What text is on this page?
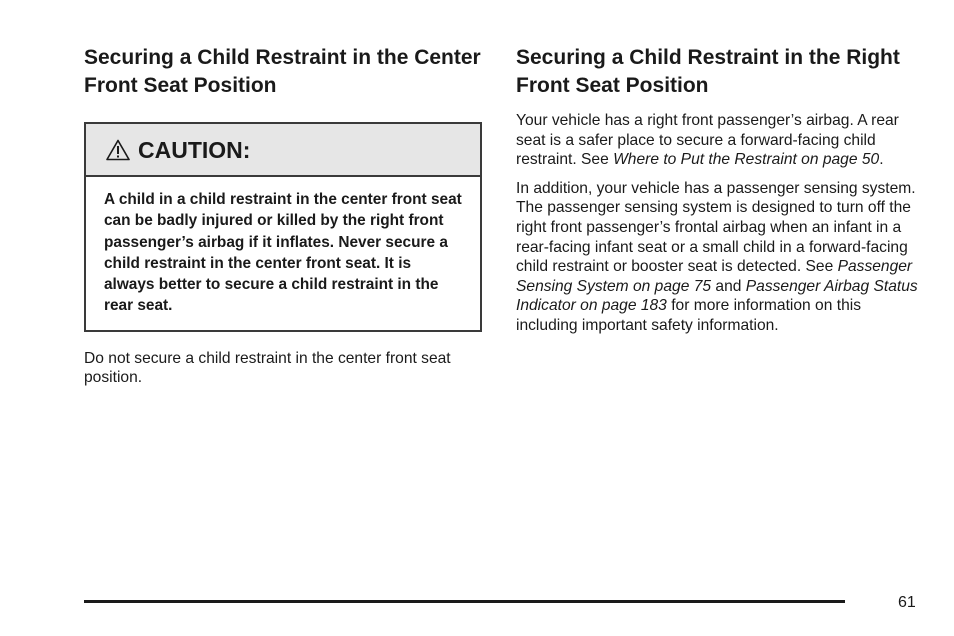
Securing a Child Restraint in the Center Front Seat Position
CAUTION:
A child in a child restraint in the center front seat can be badly injured or killed by the right front passenger’s airbag if it inflates. Never secure a child restraint in the center front seat. It is always better to secure a child restraint in the rear seat.

Do not secure a child restraint in the center front seat position.

Securing a Child Restraint in the Right Front Seat Position

Your vehicle has a right front passenger’s airbag. A rear seat is a safer place to secure a forward-facing child restraint. See Where to Put the Restraint on page 50.

In addition, your vehicle has a passenger sensing system. The passenger sensing system is designed to turn off the right front passenger’s frontal airbag when an infant in a rear-facing infant seat or a small child in a forward-facing child restraint or booster seat is detected. See Passenger Sensing System on page 75 and Passenger Airbag Status Indicator on page 183 for more information on this including important safety information.

61
